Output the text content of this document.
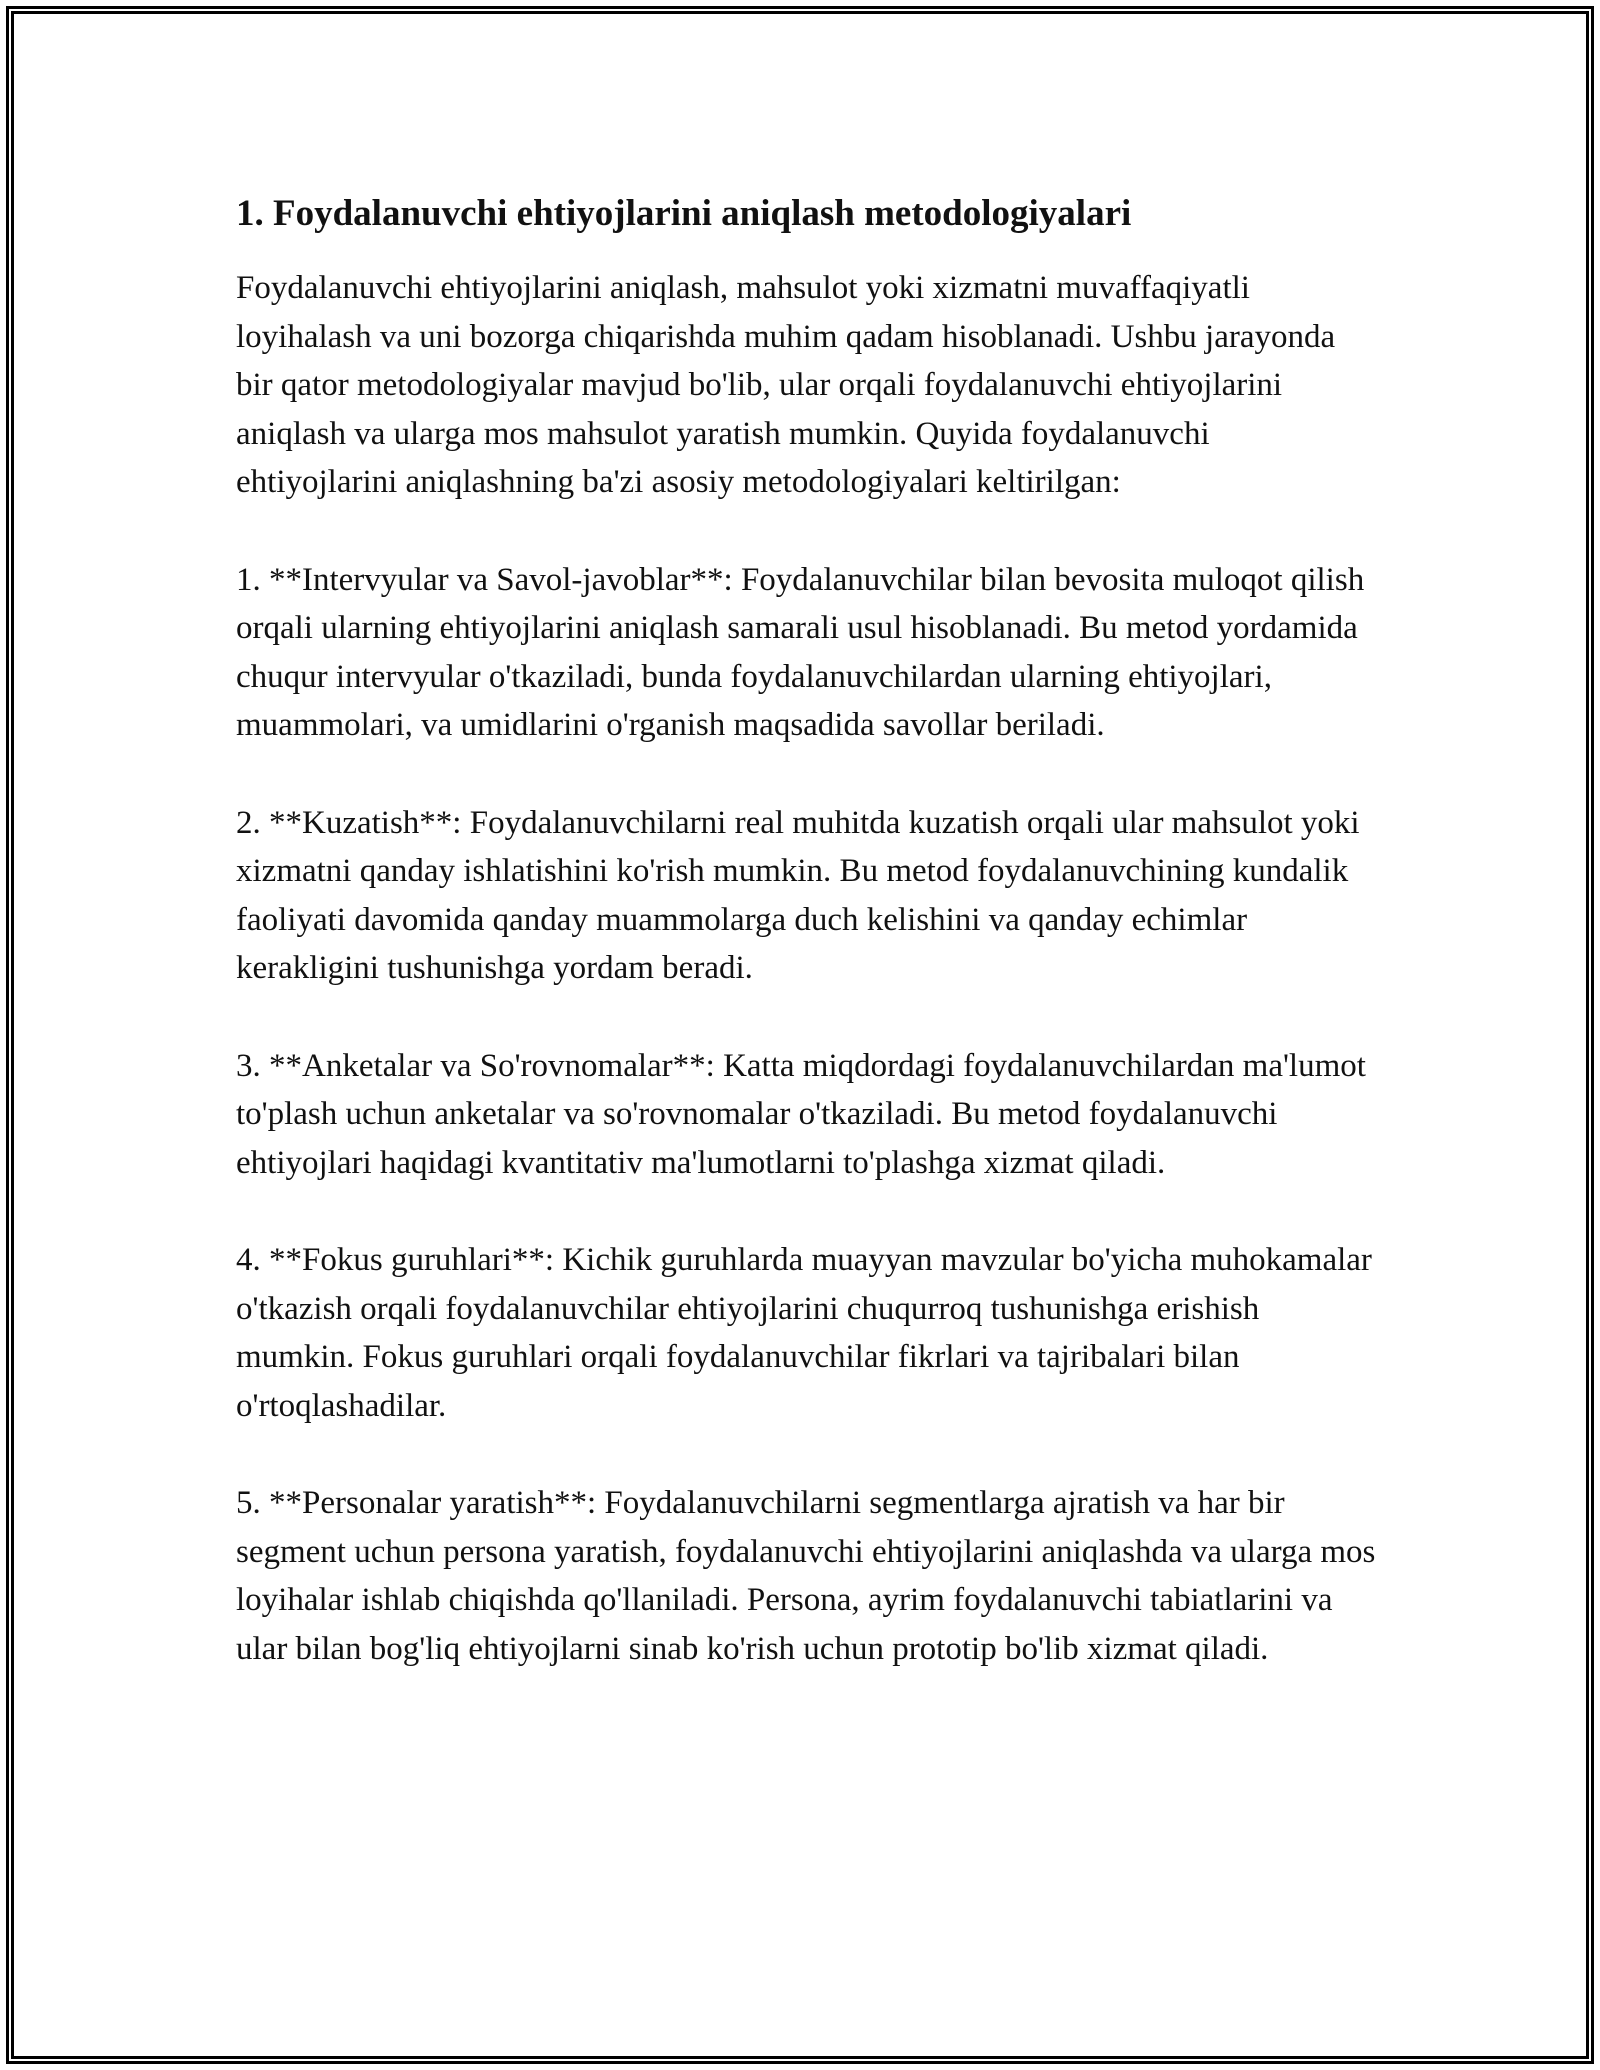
1. Foydalanuvchi ehtiyojlarini aniqlash metodologiyalari

Foydalanuvchi ehtiyojlarini aniqlash, mahsulot yoki xizmatni muvaffaqiyatli loyihalash va uni bozorga chiqarishda muhim qadam hisoblanadi. Ushbu jarayonda bir qator metodologiyalar mavjud bo'lib, ular orqali foydalanuvchi ehtiyojlarini aniqlash va ularga mos mahsulot yaratish mumkin. Quyida foydalanuvchi ehtiyojlarini aniqlashning ba'zi asosiy metodologiyalari keltirilgan:

1. **Intervyular va Savol-javoblar**: Foydalanuvchilar bilan bevosita muloqot qilish orqali ularning ehtiyojlarini aniqlash samarali usul hisoblanadi. Bu metod yordamida chuqur intervyular o'tkaziladi, bunda foydalanuvchilardan ularning ehtiyojlari, muammolari, va umidlarini o'rganish maqsadida savollar beriladi.

2. **Kuzatish**: Foydalanuvchilarni real muhitda kuzatish orqali ular mahsulot yoki xizmatni qanday ishlatishini ko'rish mumkin. Bu metod foydalanuvchining kundalik faoliyati davomida qanday muammolarga duch kelishini va qanday echimlar kerakligini tushunishga yordam beradi.

3. **Anketalar va So'rovnomalar**: Katta miqdordagi foydalanuvchilardan ma'lumot to'plash uchun anketalar va so'rovnomalar o'tkaziladi. Bu metod foydalanuvchi ehtiyojlari haqidagi kvantitativ ma'lumotlarni to'plashga xizmat qiladi.

4. **Fokus guruhlari**: Kichik guruhlarda muayyan mavzular bo'yicha muhokamalar o'tkazish orqali foydalanuvchilar ehtiyojlarini chuqurroq tushunishga erishish mumkin. Fokus guruhlari orqali foydalanuvchilar fikrlari va tajribalari bilan o'rtoqlashadilar.

5. **Personalar yaratish**: Foydalanuvchilarni segmentlarga ajratish va har bir segment uchun persona yaratish, foydalanuvchi ehtiyojlarini aniqlashda va ularga mos loyihalar ishlab chiqishda qo'llaniladi. Persona, ayrim foydalanuvchi tabiatlarini va ular bilan bog'liq ehtiyojlarni sinab ko'rish uchun prototip bo'lib xizmat qiladi.
